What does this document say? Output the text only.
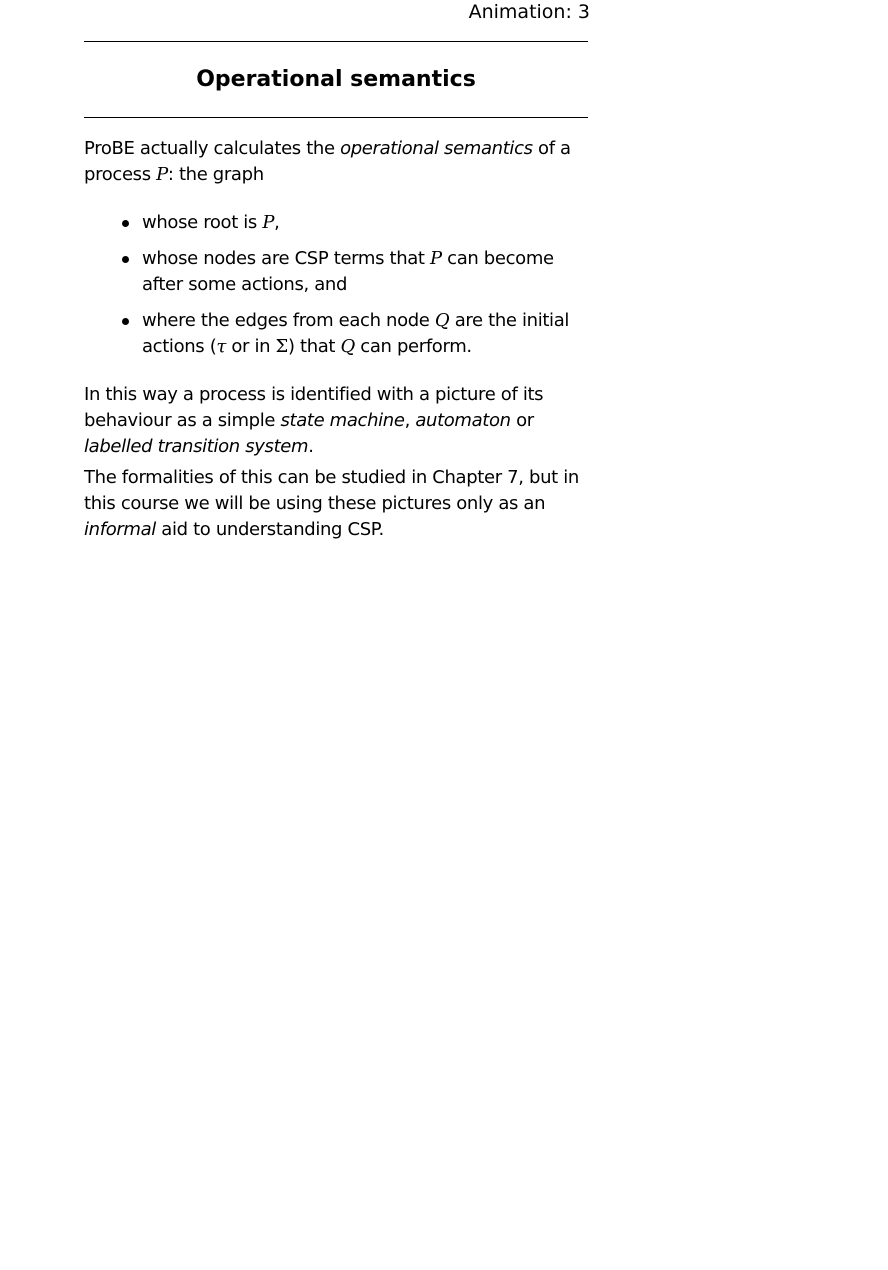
Animation: 3
Operational semantics

ProBE actually calculates the operational semantics of a process P: the graph

whose root is P,
whose nodes are CSP terms that P can become after some actions, and
where the edges from each node Q are the initial actions (τ or in Σ) that Q can perform.

In this way a process is identified with a picture of its behaviour as a simple state machine, automaton or labelled transition system.

The formalities of this can be studied in Chapter 7, but in this course we will be using these pictures only as an informal aid to understanding CSP.
